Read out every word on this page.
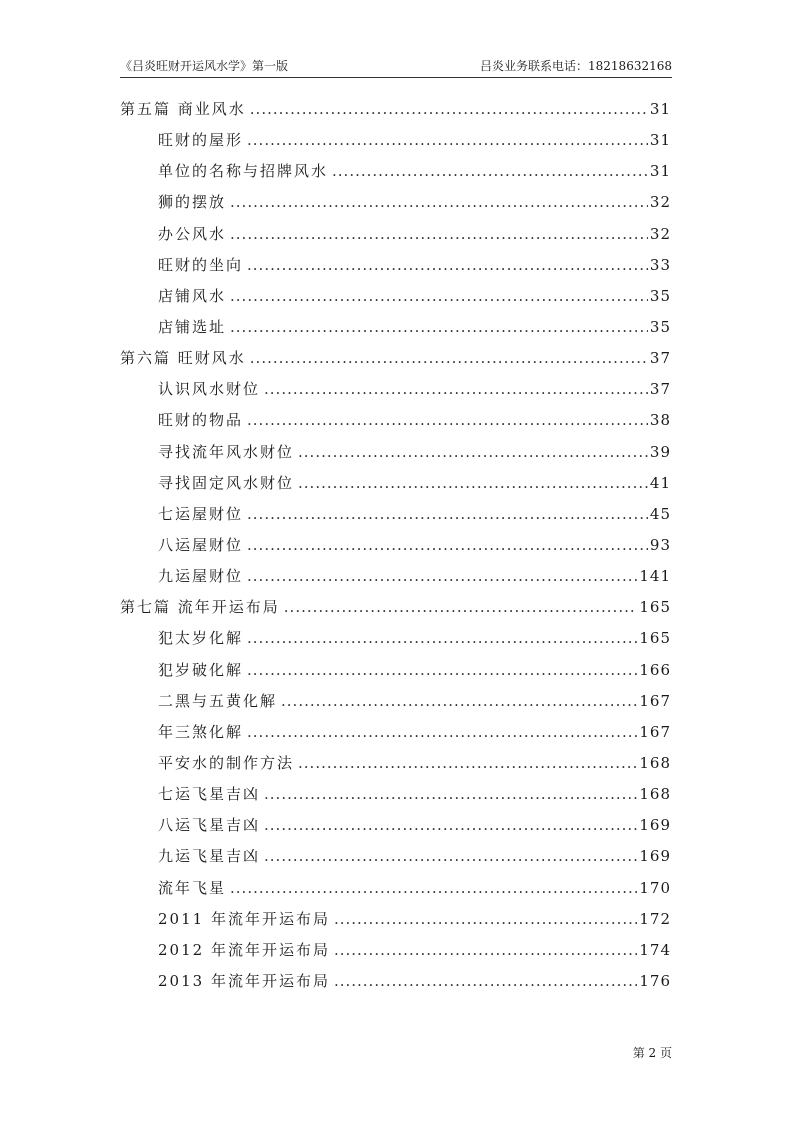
《吕炎旺财开运风水学》第一版	吕炎业务联系电话：18218632168
第五篇 商业风水 .....	31
旺财的屋形 .....	31
单位的名称与招牌风水 .....	31
狮的摆放 .....	32
办公风水 .....	32
旺财的坐向 .....	33
店铺风水 .....	35
店铺选址 .....	35
第六篇 旺财风水 .....	37
认识风水财位 .....	37
旺财的物品 .....	38
寻找流年风水财位 .....	39
寻找固定风水财位 .....	41
七运屋财位 .....	45
八运屋财位 .....	93
九运屋财位 .....	141
第七篇 流年开运布局 .....	165
犯太岁化解 .....	165
犯岁破化解 .....	166
二黑与五黄化解 .....	167
年三煞化解 .....	167
平安水的制作方法 .....	168
七运飞星吉凶 .....	168
八运飞星吉凶 .....	169
九运飞星吉凶 .....	169
流年飞星 .....	170
2011 年流年开运布局 .....	172
2012 年流年开运布局 .....	174
2013 年流年开运布局 .....	176
第 2 页
